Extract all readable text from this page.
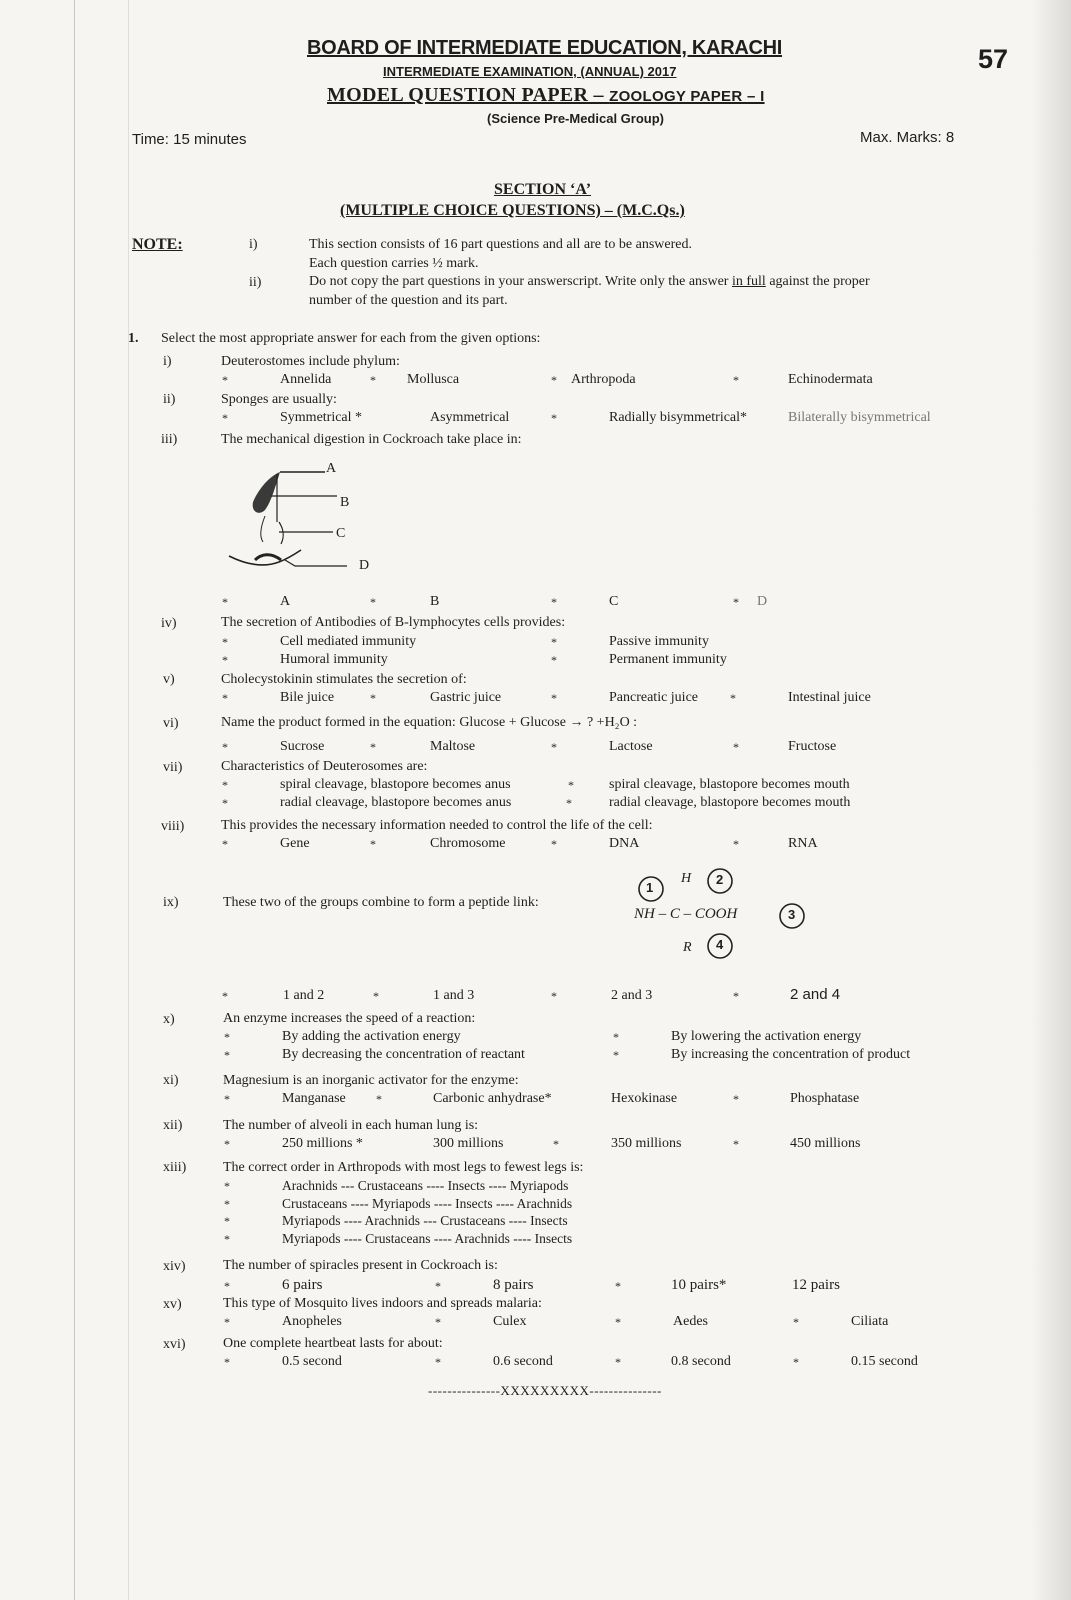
57
BOARD OF INTERMEDIATE EDUCATION, KARACHI
INTERMEDIATE EXAMINATION, (ANNUAL) 2017
MODEL QUESTION PAPER – ZOOLOGY PAPER – I
(Science Pre-Medical Group)
Time: 15 minutes	Max. Marks: 8
SECTION ‘A’
(MULTIPLE CHOICE QUESTIONS) – (M.C.Qs.)
NOTE:	i)	This section consists of 16 part questions and all are to be answered.
Each question carries ½ mark.
ii)	Do not copy the part questions in your answerscript. Write only the answer in full against the proper
number of the question and its part.
1. Select the most appropriate answer for each from the given options:
i)	Deuterostomes include phylum:
*	Annelida	* Mollusca	* Arthropoda	*	Echinodermata
ii)	Sponges are usually:
*	Symmetrical *	Asymmetrical	*	Radially bisymmetrical*	Bilaterally bisymmetrical
iii)	The mechanical digestion in Cockroach take place in:
A
B
C
D
*	A	*	B	*	C	* D
iv)	The secretion of Antibodies of B-lymphocytes cells provides:
*	Cell mediated immunity	*	Passive immunity
*	Humoral immunity	*	Permanent immunity
v)	Cholecystokinin stimulates the secretion of:
*	Bile juice	*	Gastric juice	*	Pancreatic juice	*	Intestinal juice
vi)	Name the product formed in the equation: Glucose + Glucose → ? +H₂O :
*	Sucrose	*	Maltose	*	Lactose	*	Fructose
vii)	Characteristics of Deuterosomes are:
*	spiral cleavage, blastopore becomes anus	*	spiral cleavage, blastopore becomes mouth
*	radial cleavage, blastopore becomes anus	*	radial cleavage, blastopore becomes mouth
viii)	This provides the necessary information needed to control the life of the cell:
*	Gene	*	Chromosome	*	DNA	*	RNA
ix)	These two of the groups combine to form a peptide link:
1
2
3
4
H
NH – C – COOH
R
*	1 and 2	*	1 and 3	*	2 and 3	*	2 and 4
x)	An enzyme increases the speed of a reaction:
*	By adding the activation energy	*	By lowering the activation energy
*	By decreasing the concentration of reactant	*	By increasing the concentration of product
xi)	Magnesium is an inorganic activator for the enzyme:
*	Manganase	*	Carbonic anhydrase*	Hexokinase	*	Phosphatase
xii)	The number of alveoli in each human lung is:
*	250 millions *	300 millions	*	350 millions	*	450 millions
xiii)	The correct order in Arthropods with most legs to fewest legs is:
*	Arachnids --- Crustaceans ---- Insects ---- Myriapods
*	Crustaceans ---- Myriapods ---- Insects ---- Arachnids
*	Myriapods ---- Arachnids --- Crustaceans ---- Insects
*	Myriapods ---- Crustaceans ---- Arachnids ---- Insects
xiv)	The number of spiracles present in Cockroach is:
*	6 pairs	*	8 pairs	*	10 pairs*	12 pairs
xv)	This type of Mosquito lives indoors and spreads malaria:
*	Anopheles	*	Culex	*	Aedes	*	Ciliata
xvi)	One complete heartbeat lasts for about:
*	0.5 second	*	0.6 second	*	0.8 second	*	0.15 second
---------------XXXXXXXXX---------------
